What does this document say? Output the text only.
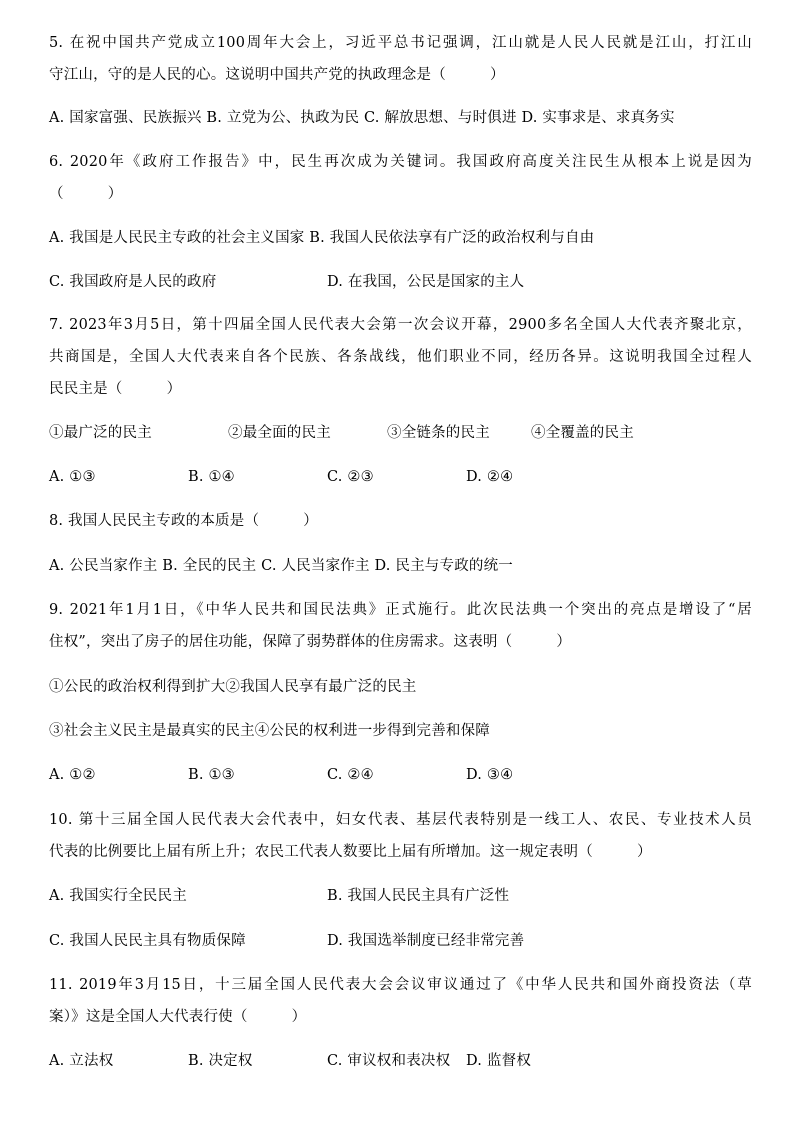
5. 在祝中国共产党成立100周年大会上，习近平总书记强调，江山就是人民人民就是江山，打江山
守江山，守的是人民的心。这说明中国共产党的执政理念是（　　　）
A. 国家富强、民族振兴 B. 立党为公、执政为民 C. 解放思想、与时俱进 D. 实事求是、求真务实
6. 2020年《政府工作报告》中，民生再次成为关键词。我国政府高度关注民生从根本上说是因为
（　　　）
A. 我国是人民民主专政的社会主义国家 B. 我国人民依法享有广泛的政治权利与自由
C. 我国政府是人民的政府	D. 在我国，公民是国家的主人
7. 2023年3月5日，第十四届全国人民代表大会第一次会议开幕，2900多名全国人大代表齐聚北京，
共商国是，全国人大代表来自各个民族、各条战线，他们职业不同，经历各异。这说明我国全过程人
民民主是（　　　）
①最广泛的民主	②最全面的民主	③全链条的民主	④全覆盖的民主
A. ①③	B. ①④	C. ②③	D. ②④
8. 我国人民民主专政的本质是（　　　）
A. 公民当家作主 B. 全民的民主 C. 人民当家作主 D. 民主与专政的统一
9. 2021年1月1日，《中华人民共和国民法典》正式施行。此次民法典一个突出的亮点是增设了“居
住权”，突出了房子的居住功能，保障了弱势群体的住房需求。这表明（　　　）
①公民的政治权利得到扩大②我国人民享有最广泛的民主
③社会主义民主是最真实的民主④公民的权利进一步得到完善和保障
A. ①②	B. ①③	C. ②④	D. ③④
10. 第十三届全国人民代表大会代表中，妇女代表、基层代表特别是一线工人、农民、专业技术人员
代表的比例要比上届有所上升；农民工代表人数要比上届有所增加。这一规定表明（　　　）
A. 我国实行全民民主	B. 我国人民民主具有广泛性
C. 我国人民民主具有物质保障	D. 我国选举制度已经非常完善
11. 2019年3月15日，十三届全国人民代表大会会议审议通过了《中华人民共和国外商投资法（草
案）》这是全国人大代表行使（　　　）
A. 立法权	B. 决定权	C. 审议权和表决权 D. 监督权
